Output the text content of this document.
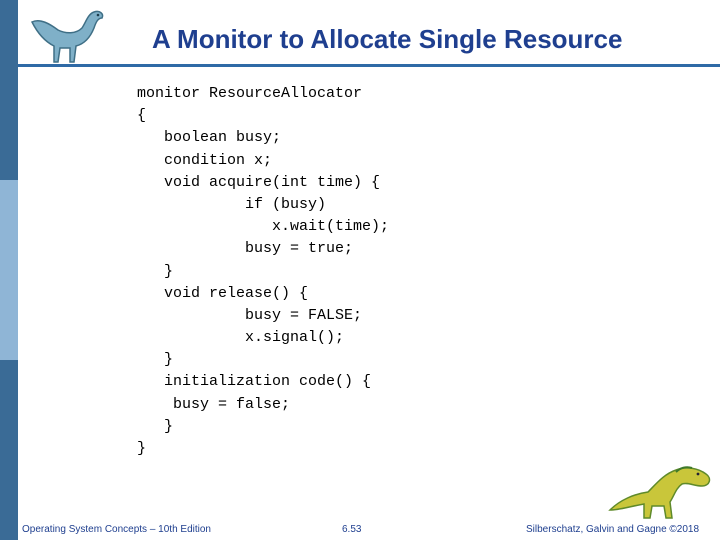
A Monitor to Allocate Single Resource
monitor ResourceAllocator
{
boolean busy;
condition x;
void acquire(int time) {
if (busy)
x.wait(time);
busy = true;
}
void release() {
busy = FALSE;
x.signal();
}
initialization code() {
busy = false;
}
}
Operating System Concepts – 10th Edition	6.53	Silberschatz, Galvin and Gagne ©2018
